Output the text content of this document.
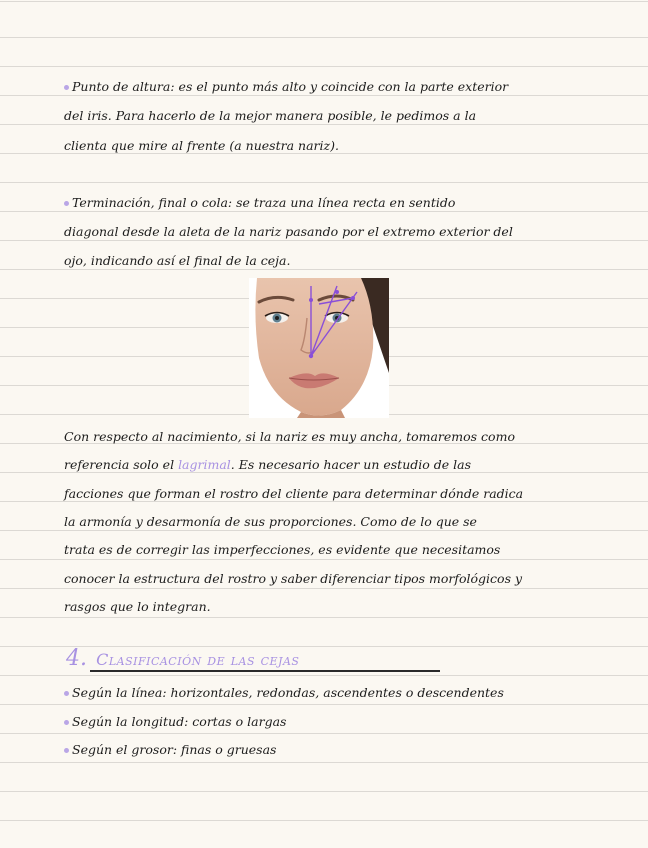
Punto de altura: es el punto más alto y coincide con la parte exterior
del iris. Para hacerlo de la mejor manera posible, le pedimos a la
clienta que mire al frente (a nuestra nariz).
Terminación, final o cola: se traza una línea recta en sentido
diagonal desde la aleta de la nariz pasando por el extremo exterior del
ojo, indicando así el final de la ceja.
Con respecto al nacimiento, si la nariz es muy ancha, tomaremos como
referencia solo el lagrimal. Es necesario hacer un estudio de las
facciones que forman el rostro del cliente para determinar dónde radica
la armonía y desarmonía de sus proporciones. Como de lo que se
trata es de corregir las imperfecciones, es evidente que necesitamos
conocer la estructura del rostro y saber diferenciar tipos morfológicos y
rasgos que lo integran.
4. Clasificación de las cejas
Según la línea: horizontales, redondas, ascendentes o descendentes
Según la longitud: cortas o largas
Según el grosor: finas o gruesas
